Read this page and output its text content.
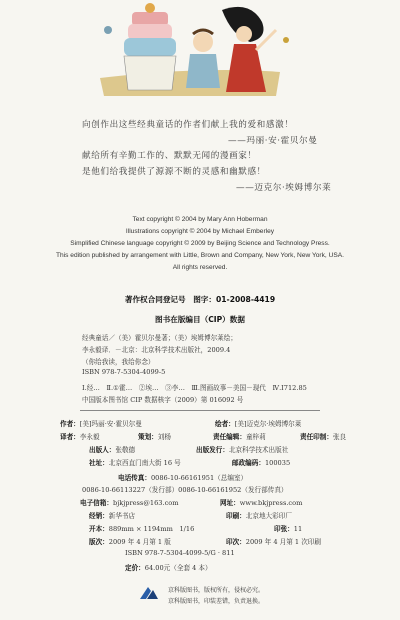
向创作出这些经典童话的作者们献上我的爱和感激！
——玛丽·安·霍贝尔曼
献给所有辛勤工作的、默默无闻的漫画家！
是他们给我提供了源源不断的灵感和幽默感！
——迈克尔·埃姆博尔莱
Text copyright © 2004 by Mary Ann Hoberman
Illustrations copyright © 2004 by Michael Emberley
Simplified Chinese language copyright © 2009 by Beijing Science and Technology Press.
This edition published by arrangement with Little, Brown and Company, New York, New York, USA.
All rights reserved.
著作权合同登记号　图字：01-2008-4419
图书在版编目（CIP）数据
经典童话／（美）霍贝尔曼著；（美）埃姆博尔莱绘；
李永毅译．－北京：北京科学技术出版社，2009.4
（你给我读，我给你念）
ISBN 978-7-5304-4099-5
Ⅰ.经…　Ⅱ.①霍…　②埃…　③李…　Ⅲ.图画故事－美国－现代　Ⅳ.I712.85
中国版本图书馆 CIP 数据核字（2009）第 016092 号
作者：[美]玛丽·安·霍贝尔曼	绘者：[美]迈克尔·埃姆博尔莱
译者：李永毅	策划：刘杨	责任编辑：童梓莉	责任印制：张良
出版人：张敬德	出版发行：北京科学技术出版社
社址：北京西直门南大街 16 号	邮政编码：100035
电话传真：0086-10-66161951（总编室）
0086-10-66113227（发行部）0086-10-66161952（发行部传真）
电子信箱：bjkjpress@163.com	网址：www.bkjpress.com
经销：新华书店	印刷：北京地大彩印厂
开本：889mm × 1194mm　1/16	印张：11
版次：2009 年 4 月第 1 版	印次：2009 年 4 月第 1 次印刷
ISBN 978-7-5304-4099-5/G · 811
定价：64.00元（全套 4 本）
京科版图书，版权所有，侵权必究。
京科版图书，印装差错，负责退换。
